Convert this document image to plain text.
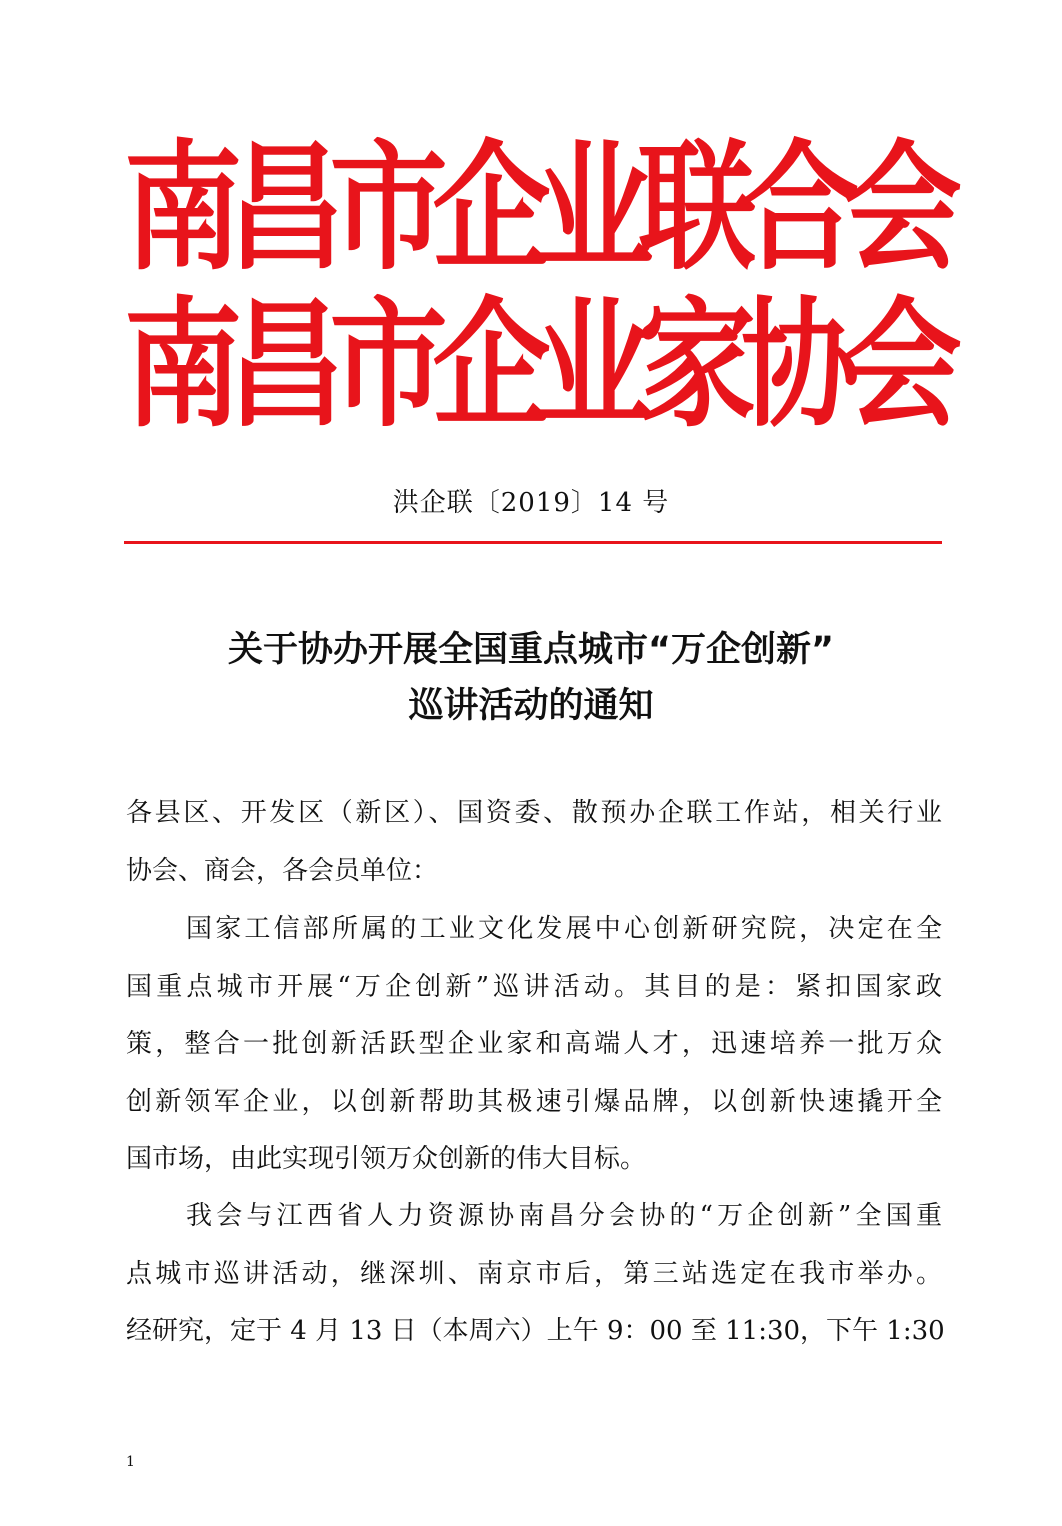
南
昌
市
企
业
联
合
会
南
昌
市
企
业
家
协
会
洪企联〔2019〕14 号
关于协办开展全国重点城市“万企创新”
巡讲活动的通知
各县区、开发区（新区）、国资委、散预办企联工作站，相关行业
协会、商会，各会员单位：
国家工信部所属的工业文化发展中心创新研究院，决定在全
国重点城市开展“万企创新”巡讲活动。其目的是：紧扣国家政
策，整合一批创新活跃型企业家和高端人才，迅速培养一批万众
创新领军企业，以创新帮助其极速引爆品牌，以创新快速撬开全
国市场，由此实现引领万众创新的伟大目标。
我会与江西省人力资源协南昌分会协的“万企创新”全国重
点城市巡讲活动，继深圳、南京市后，第三站选定在我市举办。
经研究，定于 4 月 13 日（本周六）上午 9：00 至 11:30，下午 1:30
1
